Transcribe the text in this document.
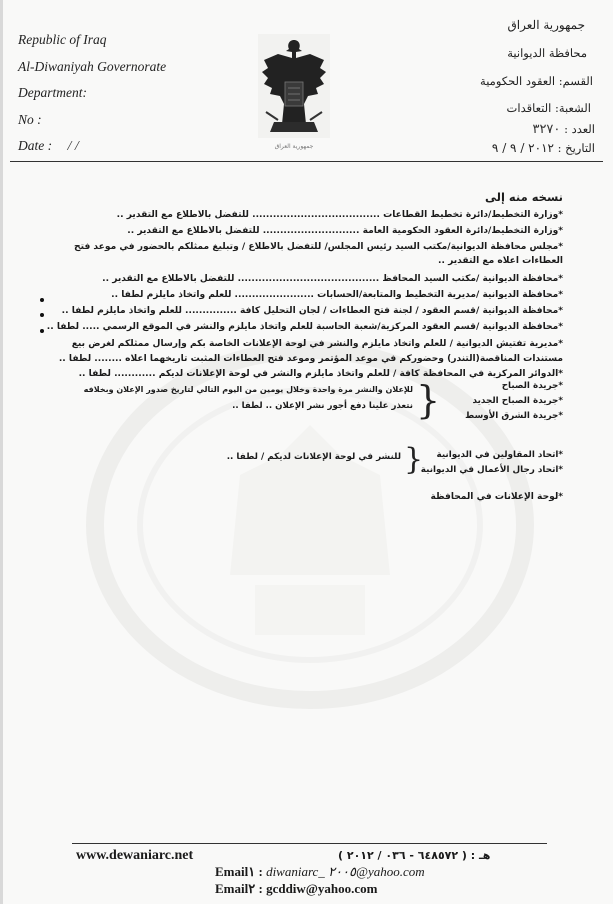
Republic of Iraq
Al-Diwaniyah Governorate
Department:
No :
Date : / /	جمهورية العراق
جمهورية العراق
محافظة الديوانية
القسم: العقود الحكومية
الشعبة: التعاقدات
العدد : ٣٢٧٠
التاريخ : ٢٠١٢ / ٩ / ٩
نسخه منه إلى
*وزارة التخطيط/دائرة تخطيط القطاعات ..................................... للتفضل بالاطلاع مع التقدير ..
*وزارة التخطيط/دائرة العقود الحكومية العامة ............................ للتفضل بالاطلاع مع التقدير ..
*مجلس محافظة الديوانية/مكتب السيد رئيس المجلس/ للتفضل بالاطلاع / وتبليغ ممثلكم بالحضور في موعد فتح
العطاءات أعلاه مع التقدير ..
*محافظة الديوانية /مكتب السيد المحافظ ......................................... للتفضل بالاطلاع مع التقدير ..
*محافظة الديوانية /مديرية التخطيط والمتابعة/الحسابات ....................... للعلم واتخاذ مايلزم لطفا ..
*محافظة الديوانية /قسم العقود / لجنة فتح العطاءات / لجان التحليل كافة ............... للعلم واتخاذ مايلزم لطفا ..
*محافظة الديوانية /قسم العقود المركزية/شعبة الحاسبة للعلم واتخاذ مايلزم والنشر في الموقع الرسمي ..... لطفا ..
*مديرية تفتيش الديوانية / للعلم واتخاذ مايلزم والنشر في لوحة الإعلانات الخاصة بكم وإرسال ممثلكم لغرض بيع
مستندات المناقصة(التندر) وحضوركم في موعد المؤتمر وموعد فتح العطاءات المثبت تاريخهما أعلاه ........ لطفا ..
*الدوائر المركزية في المحافظة كافة / للعلم واتخاذ مايلزم والنشر في لوحة الإعلانات لديكم ............ لطفا ..
*جريدة الصباح
*جريدة الصباح الجديد
*جريدة الشرق الأوسط
}
للإعلان والنشر مرة واحدة وخلال يومين من اليوم التالي لتاريخ صدور الإعلان وبخلافه
نتعذر علينا دفع أجور نشر الإعلان .. لطفا ..
*اتحاد المقاولين في الديوانية
*اتحاد رجال الأعمال في الديوانية
}
للنشر في لوحة الإعلانات لديكم / لطفا ..
*لوحة الإعلانات في المحافظة
www.dewaniarc.net	هـ : ( ٦٤٨٥٧٢ - ٠٣٦ / ٢٠١٢ )
Email١ : diwaniarc_ ٢٠٠٥@yahoo.com
Email٢ : gcddiw@yahoo.com
